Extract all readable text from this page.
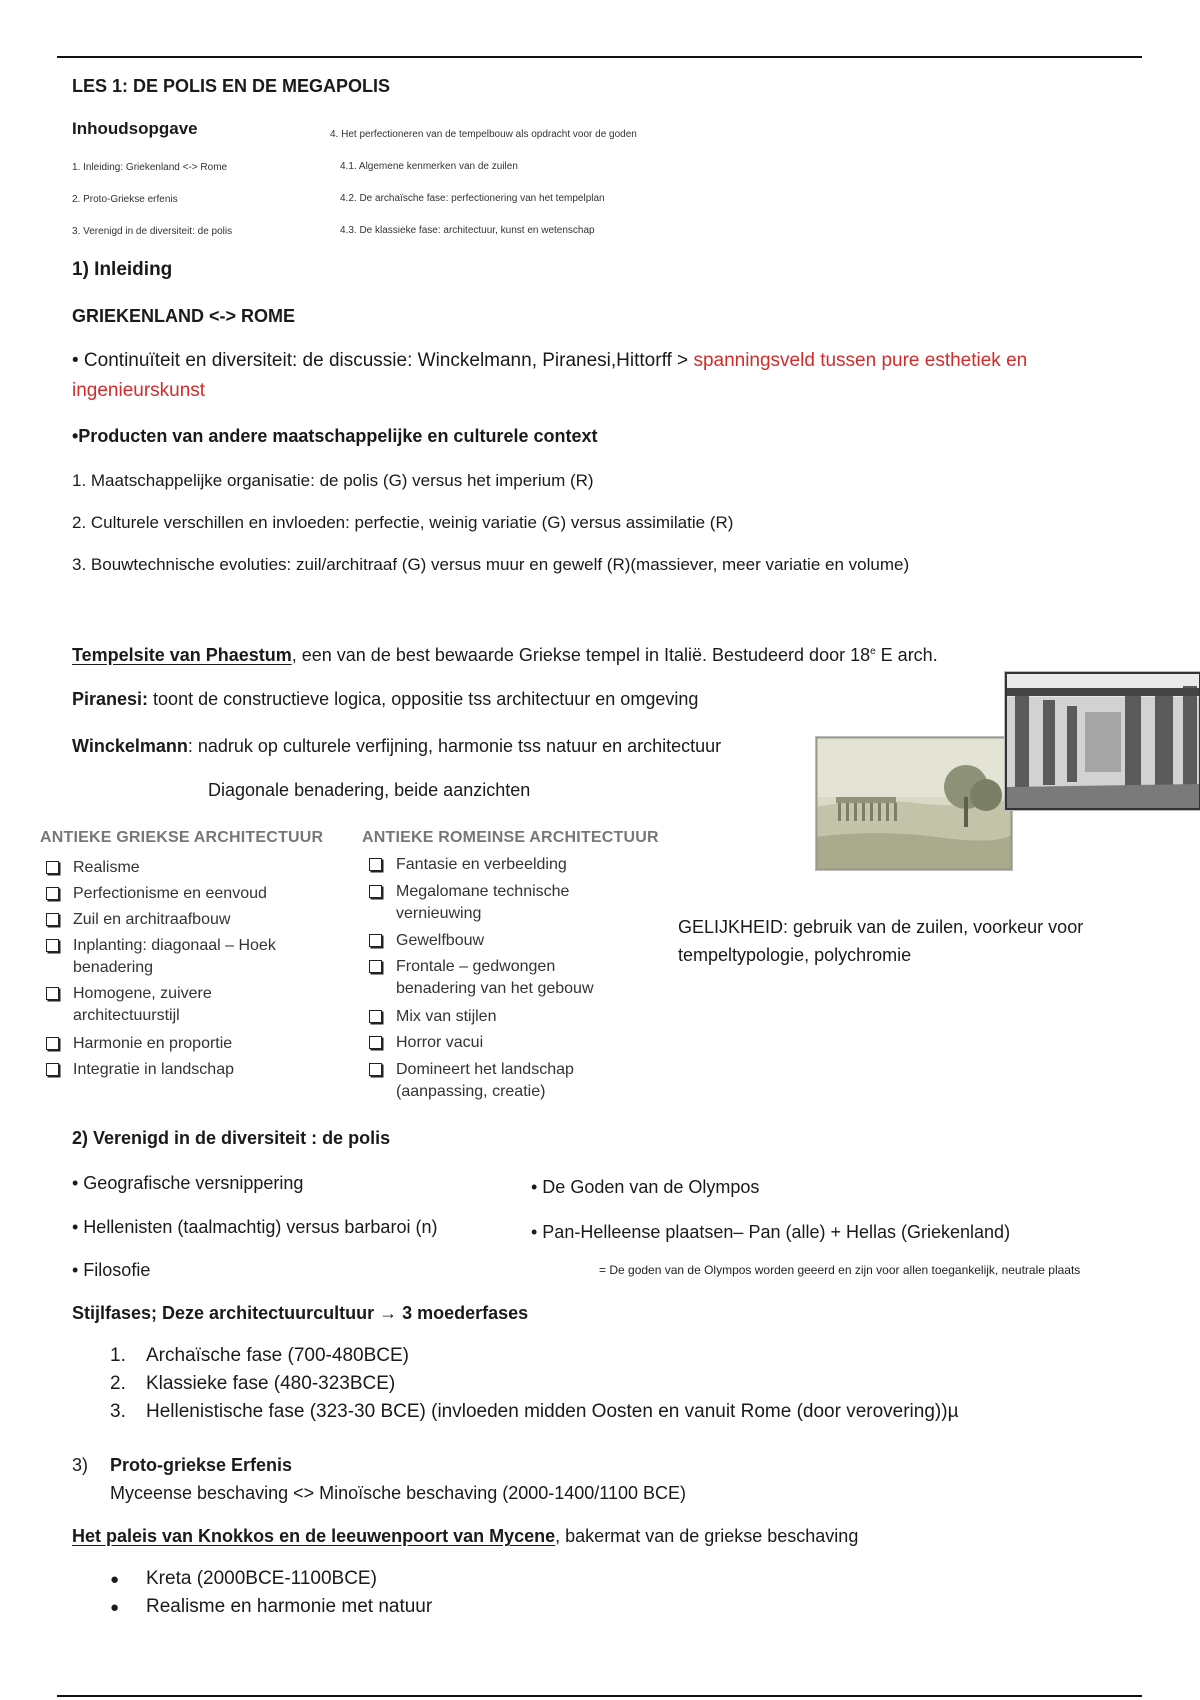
LES 1: DE POLIS EN DE MEGAPOLIS
Inhoudsopgave
1. Inleiding: Griekenland <-> Rome
2. Proto-Griekse erfenis
3. Verenigd in de diversiteit: de polis
4. Het perfectioneren van de tempelbouw als opdracht voor de goden
4.1. Algemene kenmerken van de zuilen
4.2. De archaïsche fase: perfectionering van het tempelplan
4.3. De klassieke fase: architectuur, kunst en wetenschap
1) Inleiding
GRIEKENLAND <-> ROME
• Continuïteit en diversiteit: de discussie: Winckelmann, Piranesi,Hittorff > spanningsveld tussen pure esthetiek en
ingenieurskunst
•Producten van andere maatschappelijke en culturele context
1. Maatschappelijke organisatie: de polis (G) versus het imperium (R)
2. Culturele verschillen en invloeden: perfectie, weinig variatie (G) versus assimilatie (R)
3. Bouwtechnische evoluties: zuil/architraaf (G) versus muur en gewelf (R)(massiever, meer variatie en volume)
Tempelsite van Phaestum, een van de best bewaarde Griekse tempel in Italië. Bestudeerd door 18e E arch.
Piranesi: toont de constructieve logica, oppositie tss architectuur en omgeving
Winckelmann: nadruk op culturele verfijning, harmonie tss natuur en architectuur
Diagonale benadering, beide aanzichten
ANTIEKE GRIEKSE ARCHITECTUUR ANTIEKE ROMEINSE ARCHITECTUUR
Realisme
Perfectionisme en eenvoud
Zuil en architraafbouw
Inplanting: diagonaal – Hoek benadering
Homogene, zuivere architectuurstijl
Harmonie en proportie
Integratie in landschap
Fantasie en verbeelding
Megalomane technische vernieuwing
Gewelfbouw
Frontale – gedwongen benadering van het gebouw
Mix van stijlen
Horror vacui
Domineert het landschap (aanpassing, creatie)
GELIJKHEID: gebruik van de zuilen, voorkeur voor
tempeltypologie, polychromie
2) Verenigd in de diversiteit : de polis
• Geografische versnippering
• Hellenisten (taalmachtig) versus barbaroi (n)
• Filosofie
• De Goden van de Olympos
• Pan-Helleense plaatsen– Pan (alle) + Hellas (Griekenland)
= De goden van de Olympos worden geeerd en zijn voor allen toegankelijk, neutrale plaats
Stijlfases; Deze architectuurcultuur → 3 moederfases
1. Archaïsche fase (700-480BCE)
2. Klassieke fase (480-323BCE)
3. Hellenistische fase (323-30 BCE) (invloeden midden Oosten en vanuit Rome (door verovering))µ
3) Proto-griekse Erfenis
Myceense beschaving <> Minoïsche beschaving (2000-1400/1100 BCE)
Het paleis van Knokkos en de leeuwenpoort van Mycene, bakermat van de griekse beschaving
● Kreta (2000BCE-1100BCE)
● Realisme en harmonie met natuur
